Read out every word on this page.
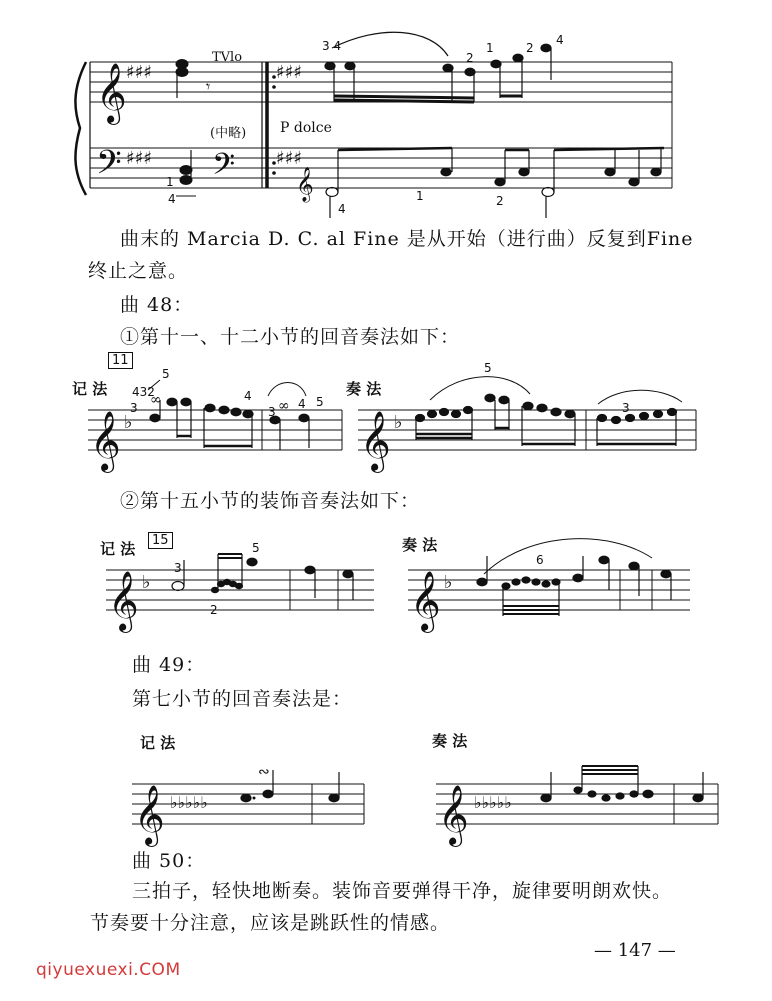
𝄞
𝄢	𝄢 𝄞
♯♯♯
♯♯♯
♯♯♯
♯♯♯
𝄾
3 4
2
1	2
4
1
4
4
1	2
TVlo
(中略) P dolce
曲末的 Marcia D. C. al Fine 是从开始（进行曲）反复到Fine
终止之意。
曲 48：
①第十一、十二小节的回音奏法如下：
11
记 法	奏 法
𝄞	𝄞
♭	♭
∞	∞
432
3
5
4
3
4 5
5
3
②第十五小节的装饰音奏法如下：
记 法	15	奏 法
𝄞	𝄞
♭	♭
3
2
5
6
曲 49：
第七小节的回音奏法是：
记 法	奏 法
𝄞	𝄞
♭♭♭♭♭	♭♭♭♭♭
∾
曲 50：
三拍子，轻快地断奏。装饰音要弹得干净，旋律要明朗欢快。
节奏要十分注意，应该是跳跃性的情感。
— 147 —
qiyuexuexi.COM
